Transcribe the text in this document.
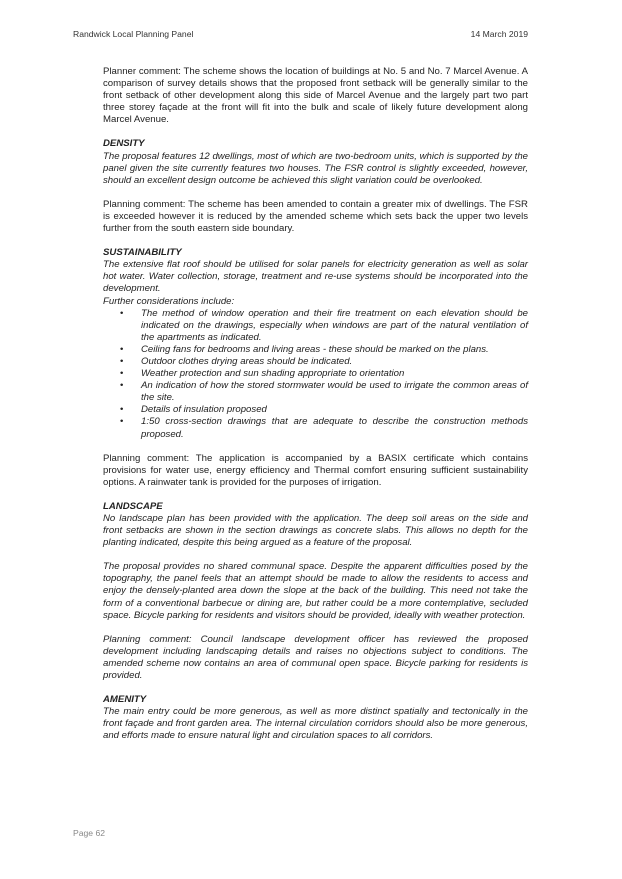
Randwick Local Planning Panel	14 March 2019

Planner comment: The scheme shows the location of buildings at No. 5 and No. 7 Marcel Avenue. A comparison of survey details shows that the proposed front setback will be generally similar to the front setback of other development along this side of Marcel Avenue and the largely part two part three storey façade at the front will fit into the bulk and scale of likely future development along Marcel Avenue.

DENSITY

The proposal features 12 dwellings, most of which are two-bedroom units, which is supported by the panel given the site currently features two houses. The FSR control is slightly exceeded, however, should an excellent design outcome be achieved this slight variation could be overlooked.

Planning comment: The scheme has been amended to contain a greater mix of dwellings. The FSR is exceeded however it is reduced by the amended scheme which sets back the upper two levels further from the south eastern side boundary.

SUSTAINABILITY

The extensive flat roof should be utilised for solar panels for electricity generation as well as solar hot water. Water collection, storage, treatment and re-use systems should be incorporated into the development.

Further considerations include:

• The method of window operation and their fire treatment on each elevation should be indicated on the drawings, especially when windows are part of the natural ventilation of the apartments as indicated.
• Ceiling fans for bedrooms and living areas - these should be marked on the plans.
• Outdoor clothes drying areas should be indicated.
• Weather protection and sun shading appropriate to orientation
• An indication of how the stored stormwater would be used to irrigate the common areas of the site.
• Details of insulation proposed
• 1:50 cross-section drawings that are adequate to describe the construction methods proposed.

Planning comment: The application is accompanied by a BASIX certificate which contains provisions for water use, energy efficiency and Thermal comfort ensuring sufficient sustainability options. A rainwater tank is provided for the purposes of irrigation.

LANDSCAPE

No landscape plan has been provided with the application. The deep soil areas on the side and front setbacks are shown in the section drawings as concrete slabs. This allows no depth for the planting indicated, despite this being argued as a feature of the proposal.

The proposal provides no shared communal space. Despite the apparent difficulties posed by the topography, the panel feels that an attempt should be made to allow the residents to access and enjoy the densely-planted area down the slope at the back of the building. This need not take the form of a conventional barbecue or dining are, but rather could be a more contemplative, secluded space. Bicycle parking for residents and visitors should be provided, ideally with weather protection.

Planning comment: Council landscape development officer has reviewed the proposed development including landscaping details and raises no objections subject to conditions. The amended scheme now contains an area of communal open space. Bicycle parking for residents is provided.

AMENITY

The main entry could be more generous, as well as more distinct spatially and tectonically in the front façade and front garden area. The internal circulation corridors should also be more generous, and efforts made to ensure natural light and circulation spaces to all corridors.

Page 62
